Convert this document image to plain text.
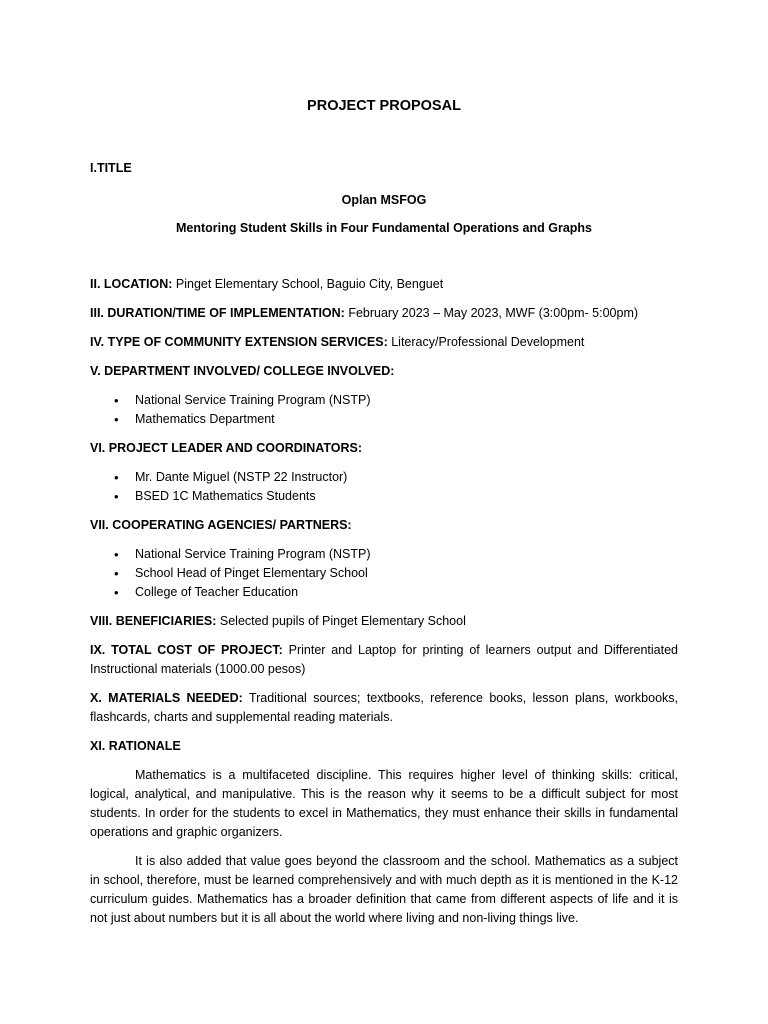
PROJECT PROPOSAL
I.TITLE
Oplan MSFOG
Mentoring Student Skills in Four Fundamental Operations and Graphs
II. LOCATION: Pinget Elementary School, Baguio City, Benguet
III. DURATION/TIME OF IMPLEMENTATION: February 2023 – May 2023, MWF (3:00pm- 5:00pm)
IV. TYPE OF COMMUNITY EXTENSION SERVICES: Literacy/Professional Development
V. DEPARTMENT INVOLVED/ COLLEGE INVOLVED:
• National Service Training Program (NSTP)
• Mathematics Department
VI. PROJECT LEADER AND COORDINATORS:
• Mr. Dante Miguel (NSTP 22 Instructor)
• BSED 1C Mathematics Students
VII. COOPERATING AGENCIES/ PARTNERS:
• National Service Training Program (NSTP)
• School Head of Pinget Elementary School
• College of Teacher Education
VIII. BENEFICIARIES: Selected pupils of Pinget Elementary School
IX. TOTAL COST OF PROJECT: Printer and Laptop for printing of learners output and Differentiated Instructional materials (1000.00 pesos)
X. MATERIALS NEEDED: Traditional sources; textbooks, reference books, lesson plans, workbooks, flashcards, charts and supplemental reading materials.
XI. RATIONALE

Mathematics is a multifaceted discipline. This requires higher level of thinking skills: critical, logical, analytical, and manipulative. This is the reason why it seems to be a difficult subject for most students. In order for the students to excel in Mathematics, they must enhance their skills in fundamental operations and graphic organizers.

It is also added that value goes beyond the classroom and the school. Mathematics as a subject in school, therefore, must be learned comprehensively and with much depth as it is mentioned in the K-12 curriculum guides. Mathematics has a broader definition that came from different aspects of life and it is not just about numbers but it is all about the world where living and non-living things live.
